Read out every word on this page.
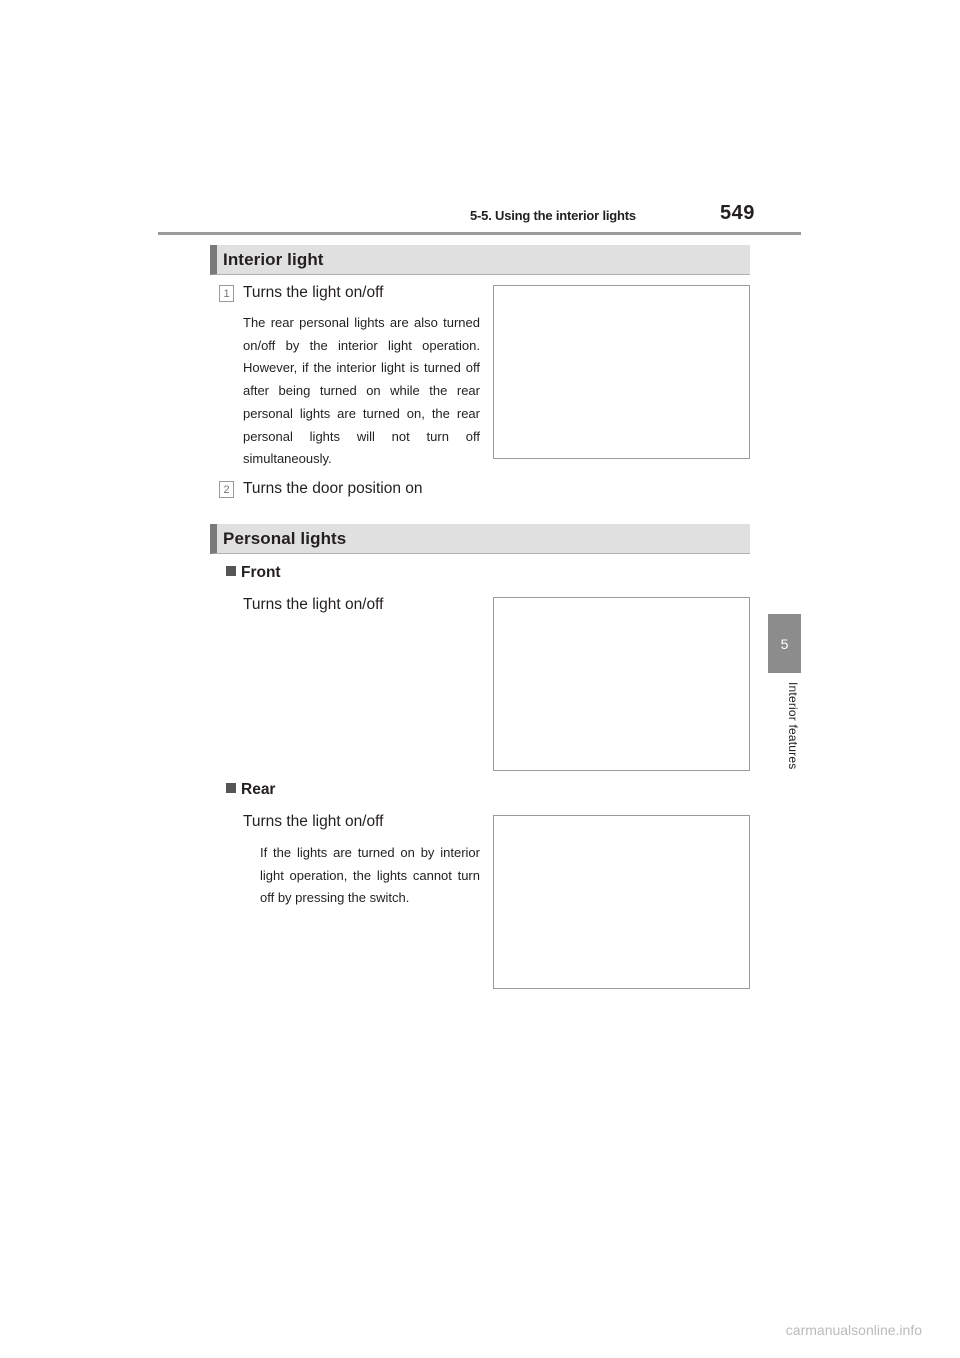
5-5. Using the interior lights	549
5
Interior features
Interior light
1 Turns the light on/off
The rear personal lights are also turned on/off by the interior light operation. However, if the interior light is turned off after being turned on while the rear personal lights are turned on, the rear personal lights will not turn off simultaneously.
2 Turns the door position on
Personal lights
Front
Turns the light on/off
Rear
Turns the light on/off
If the lights are turned on by interior light operation, the lights cannot turn off by pressing the switch.
carmanualsonline.info
